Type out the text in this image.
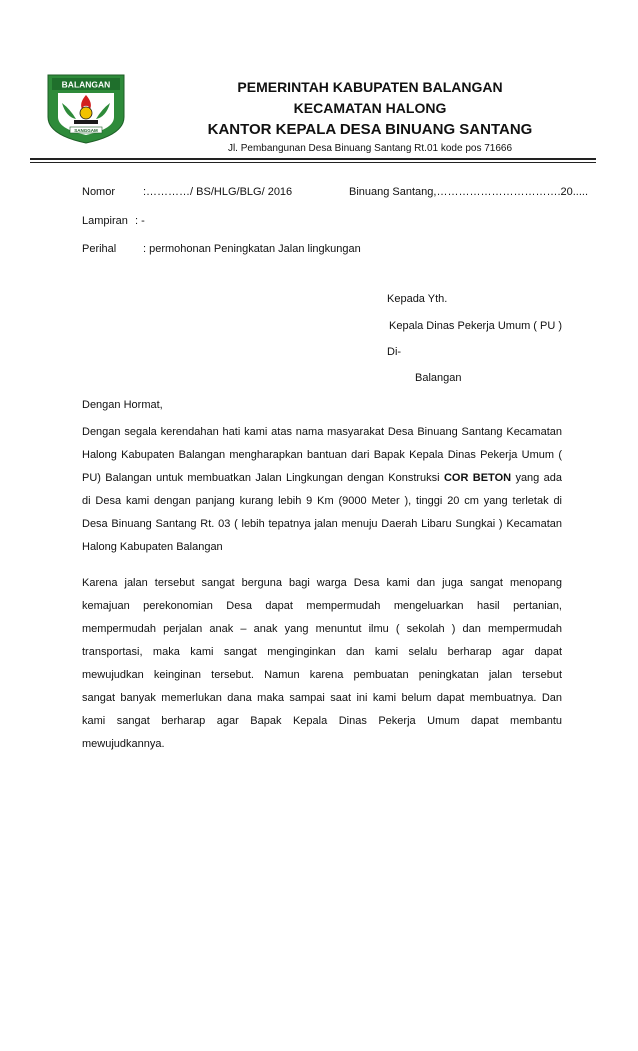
BALANGAN
SANGGAM
PEMERINTAH KABUPATEN BALANGAN
KECAMATAN HALONG
KANTOR KEPALA DESA BINUANG SANTANG
Jl. Pembangunan Desa Binuang Santang Rt.01 kode pos 71666
Nomor	:…………/ BS/HLG/BLG/ 2016	Binuang Santang,…………………………….20.....
Lampiran : -
Perihal : permohonan Peningkatan Jalan lingkungan
Kepada Yth.
Kepala Dinas Pekerja Umum ( PU )
Di-
Balangan
Dengan Hormat,
Dengan segala kerendahan hati kami atas nama masyarakat Desa Binuang Santang Kecamatan
Halong Kabupaten Balangan mengharapkan bantuan dari Bapak Kepala Dinas Pekerja Umum (
PU) Balangan untuk membuatkan Jalan Lingkungan dengan Konstruksi COR BETON yang ada
di Desa kami dengan panjang kurang lebih 9 Km (9000 Meter ), tinggi 20 cm yang terletak di
Desa Binuang Santang Rt. 03 ( lebih tepatnya jalan menuju Daerah Libaru Sungkai ) Kecamatan
Halong Kabupaten Balangan
Karena jalan tersebut sangat berguna bagi warga Desa kami dan juga sangat menopang
kemajuan perekonomian Desa dapat mempermudah mengeluarkan hasil pertanian,
mempermudah perjalan anak – anak yang menuntut ilmu ( sekolah ) dan mempermudah
transportasi, maka kami sangat menginginkan dan kami selalu berharap agar dapat
mewujudkan keinginan tersebut. Namun karena pembuatan peningkatan jalan tersebut
sangat banyak memerlukan dana maka sampai saat ini kami belum dapat membuatnya. Dan
kami sangat berharap agar Bapak Kepala Dinas Pekerja Umum dapat membantu
mewujudkannya.
